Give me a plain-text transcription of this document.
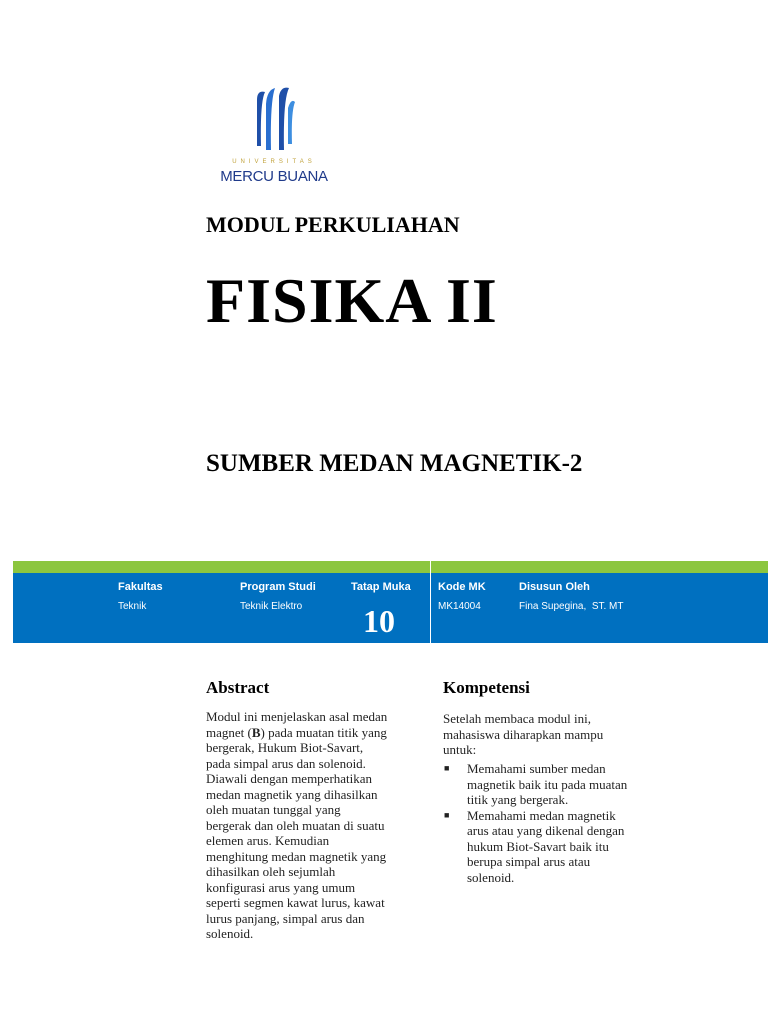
UNIVERSITAS
MERCU BUANA
MODUL PERKULIAHAN
FISIKA II
SUMBER MEDAN MAGNETIK-2
Fakultas
Teknik
Program Studi
Teknik Elektro
Tatap Muka
10
Kode MK
MK14004
Disusun Oleh
Fina Supegina,  ST. MT
Abstract
Modul ini menjelaskan asal medan
magnet (B) pada muatan titik yang
bergerak, Hukum Biot-Savart,
pada simpal arus dan solenoid.
Diawali dengan memperhatikan
medan magnetik yang dihasilkan
oleh muatan tunggal yang
bergerak dan oleh muatan di suatu
elemen arus. Kemudian
menghitung medan magnetik yang
dihasilkan oleh sejumlah
konfigurasi arus yang umum
seperti segmen kawat lurus, kawat
lurus panjang, simpal arus dan
solenoid.
Kompetensi
Setelah membaca modul ini,
mahasiswa diharapkan mampu
untuk:
■ Memahami sumber medan
magnetik baik itu pada muatan
titik yang bergerak.
■ Memahami medan magnetik
arus atau yang dikenal dengan
hukum Biot-Savart baik itu
berupa simpal arus atau
solenoid.
